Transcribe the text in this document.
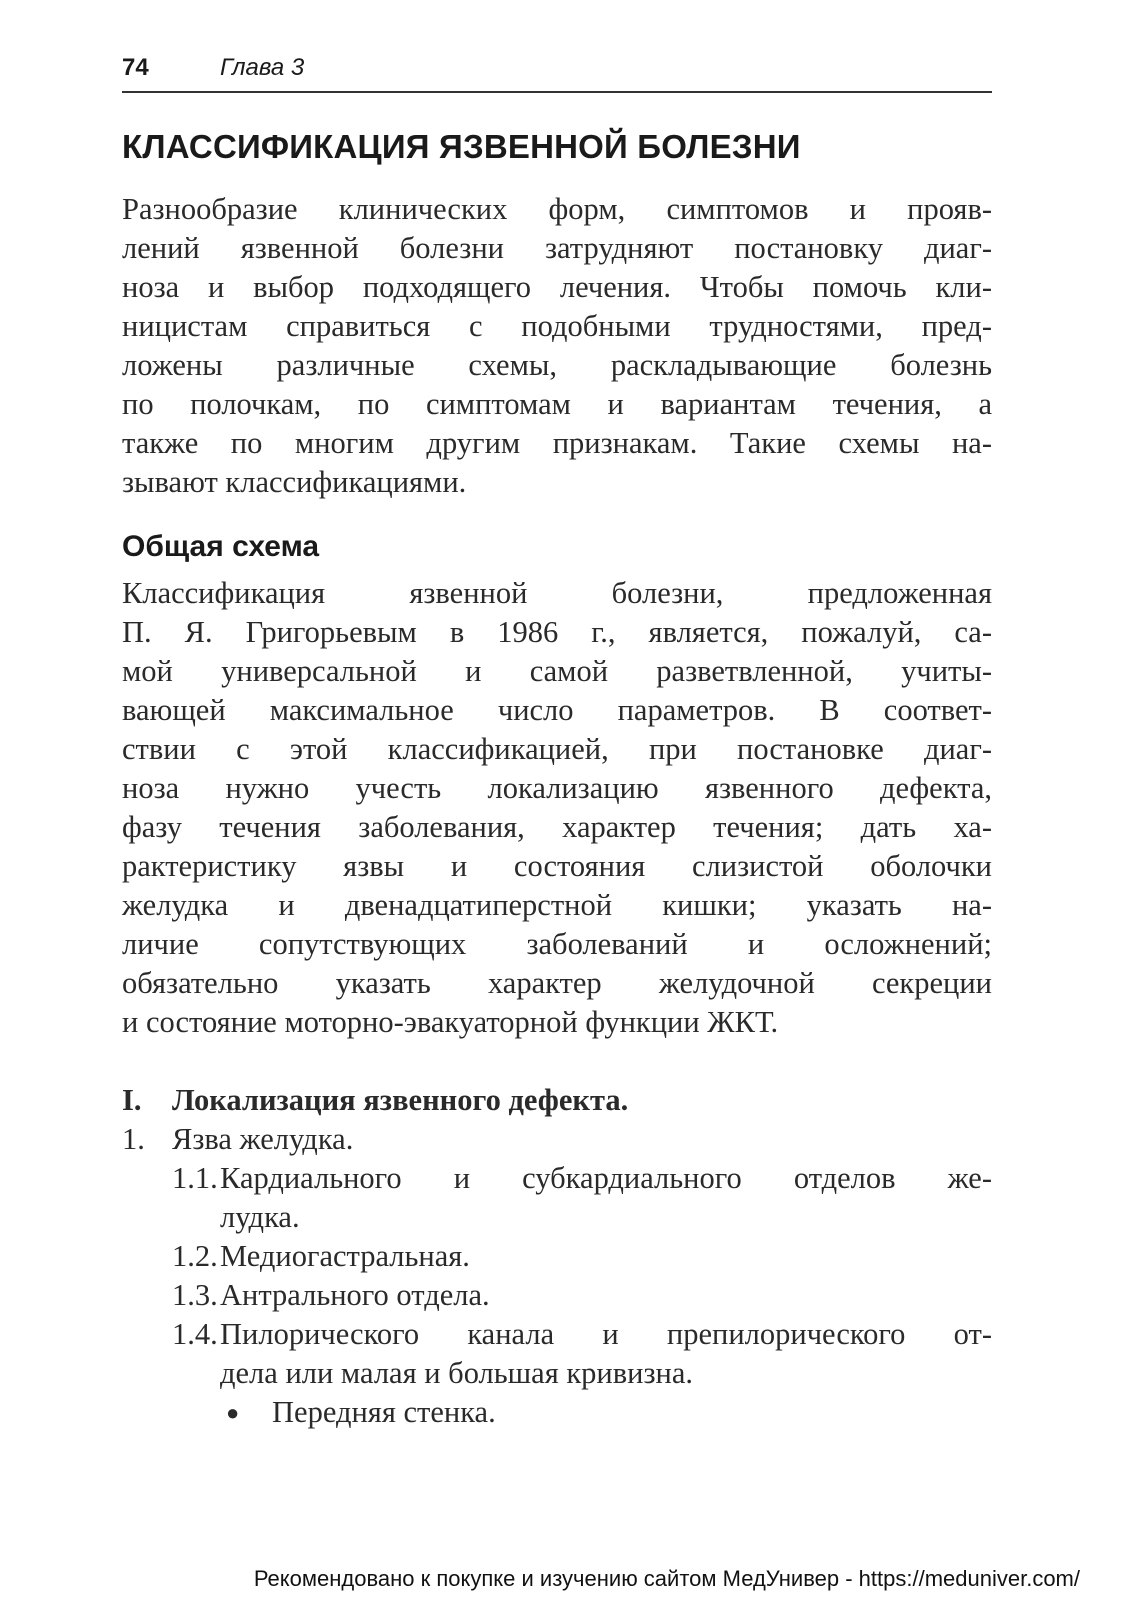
74	Глава 3
КЛАССИФИКАЦИЯ ЯЗВЕННОЙ БОЛЕЗНИ
Разнообразие клинических форм, симптомов и прояв-
лений язвенной болезни затрудняют постановку диаг-
ноза и выбор подходящего лечения. Чтобы помочь кли-
ницистам справиться с подобными трудностями, пред-
ложены различные схемы, раскладывающие болезнь
по полочкам, по симптомам и вариантам течения, а
также по многим другим признакам. Такие схемы на-
зывают классификациями.
Общая схема
Классификация язвенной болезни, предложенная
П. Я. Григорьевым в 1986 г., является, пожалуй, са-
мой универсальной и самой разветвленной, учиты-
вающей максимальное число параметров. В соответ-
ствии с этой классификацией, при постановке диаг-
ноза нужно учесть локализацию язвенного дефекта,
фазу течения заболевания, характер течения; дать ха-
рактеристику язвы и состояния слизистой оболочки
желудка и двенадцатиперстной кишки; указать на-
личие сопутствующих заболеваний и осложнений;
обязательно указать характер желудочной секреции
и состояние моторно-эвакуаторной функции ЖКТ.
I. Локализация язвенного дефекта.
1. Язва желудка.
1.1. Кардиального и субкардиального отделов же-
лудка.
1.2. Медиогастральная.
1.3. Антрального отдела.
1.4. Пилорического канала и препилорического от-
дела или малая и большая кривизна.
● Передняя стенка.
Рекомендовано к покупке и изучению сайтом МедУнивер - https://meduniver.com/
